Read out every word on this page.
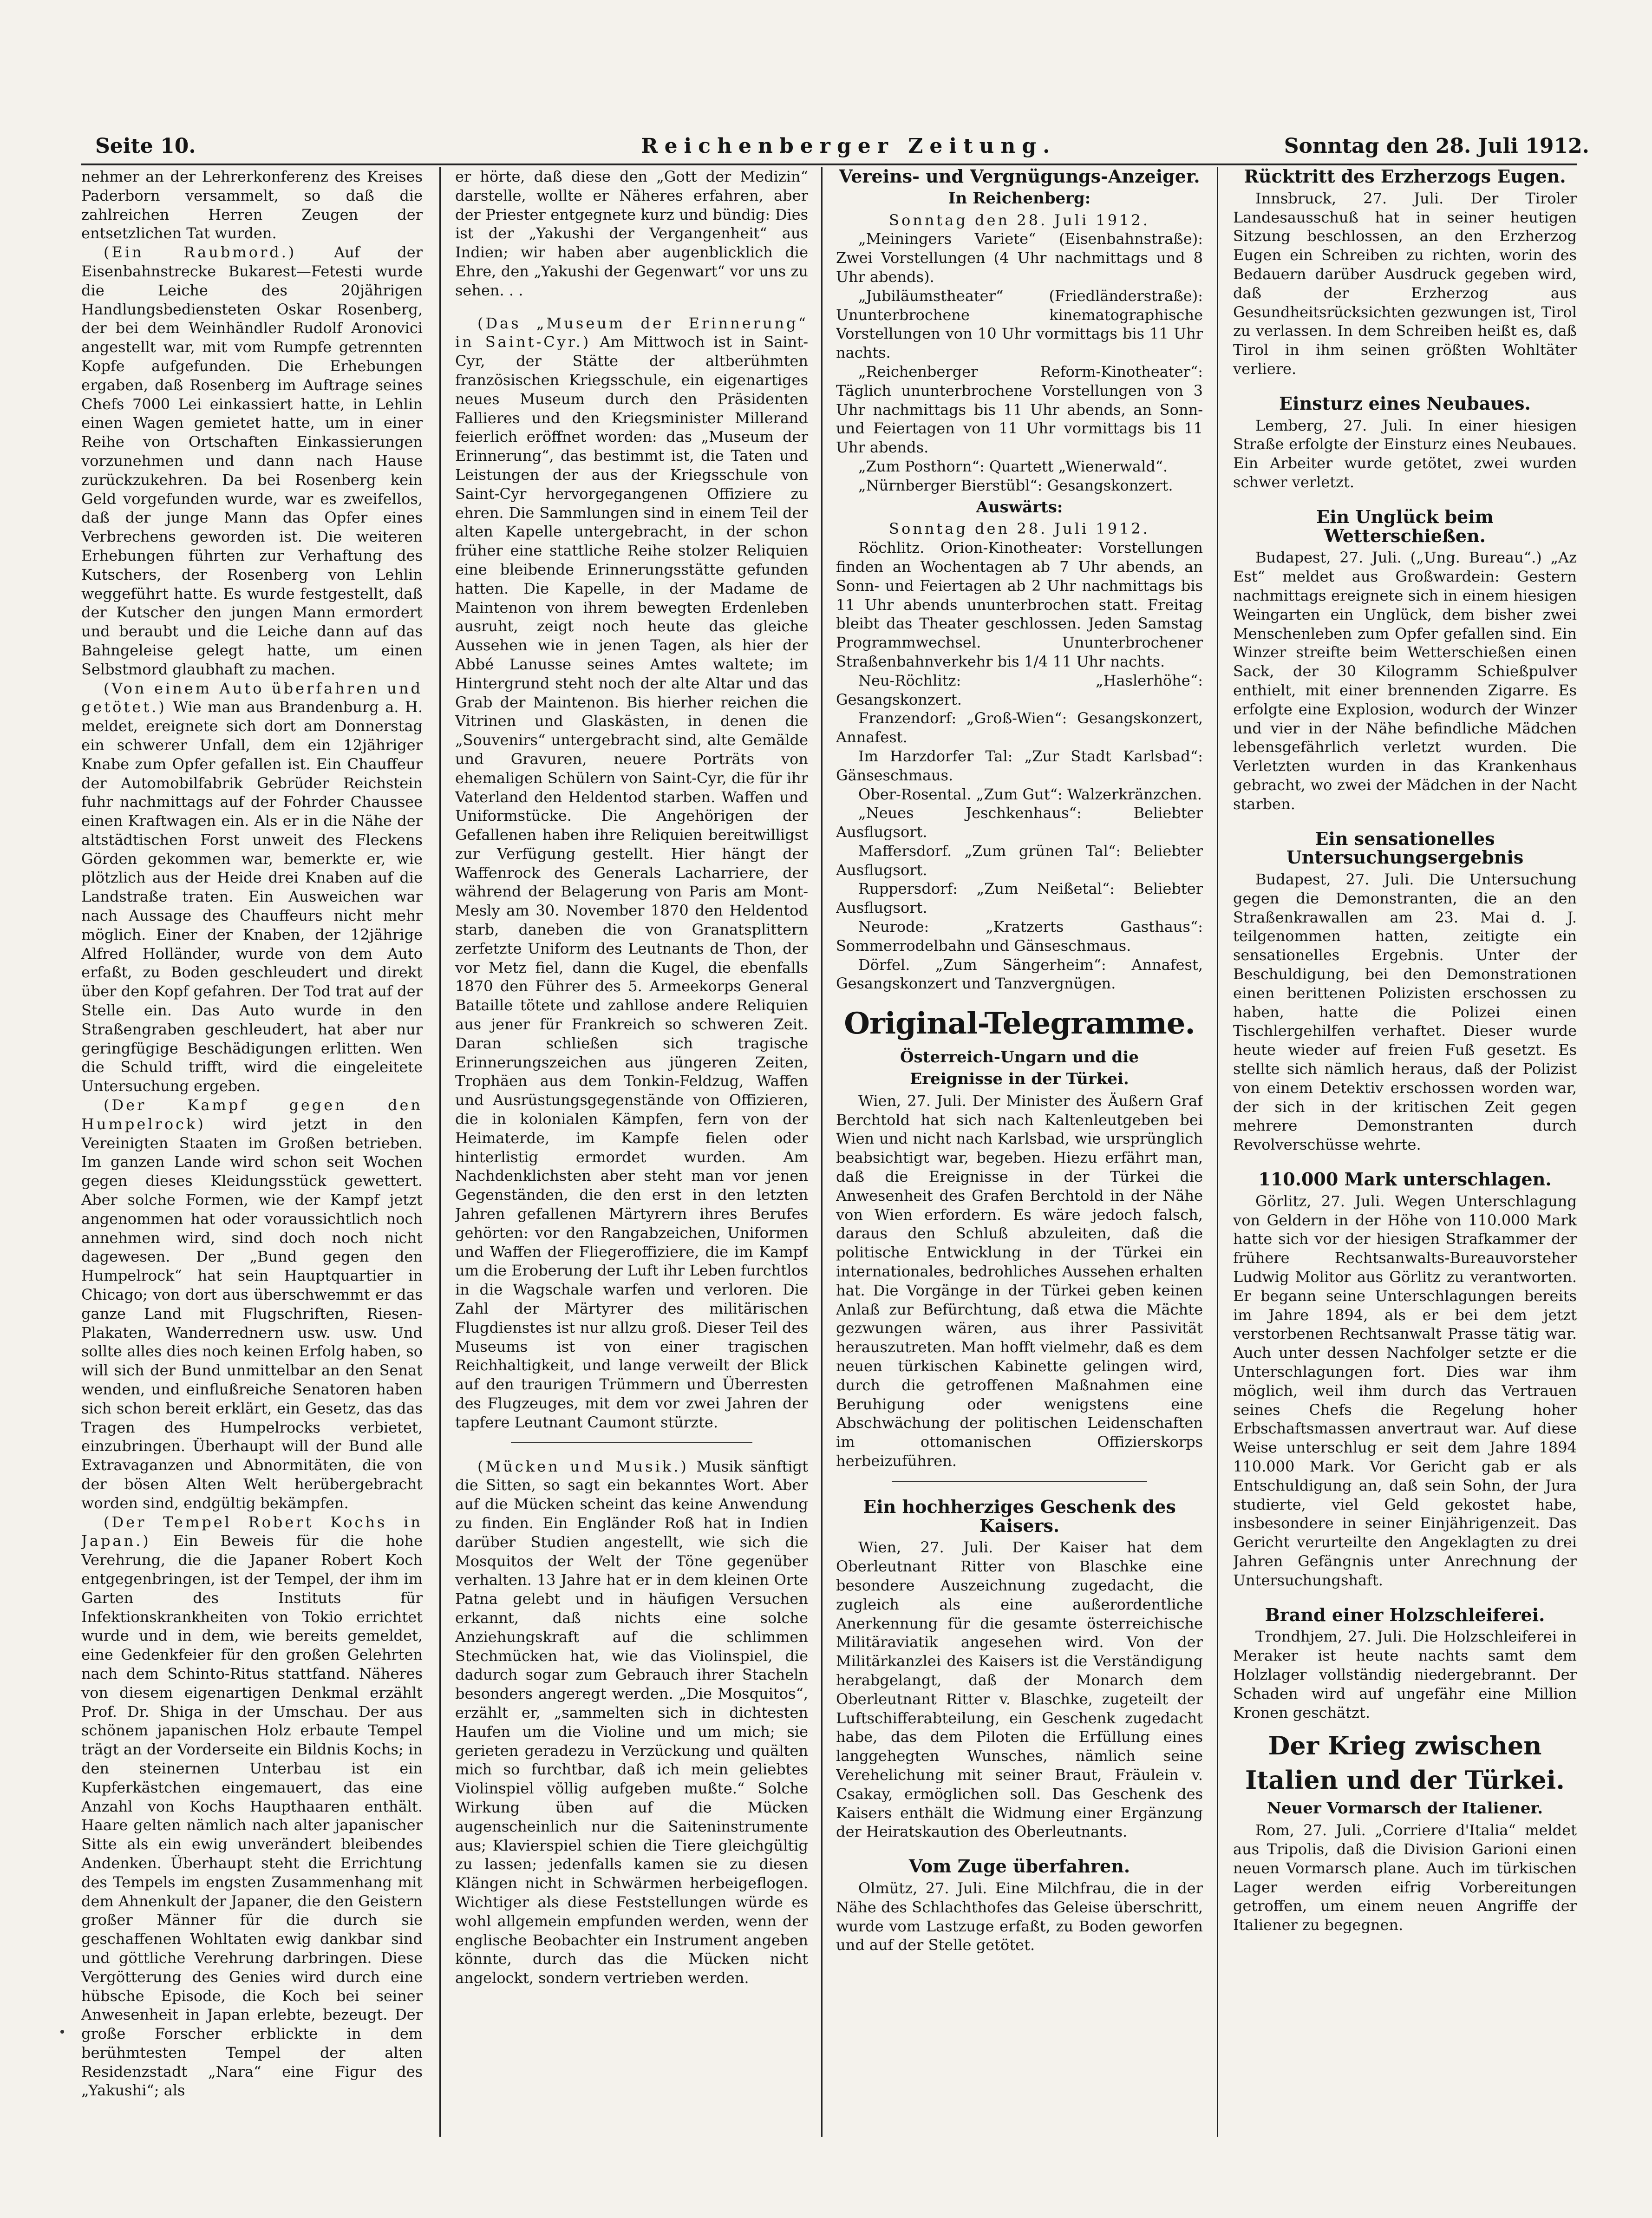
Seite 10.	Reichenberger Zeitung.	Sonntag den 28. Juli 1912.

nehmer an der Lehrerkonferenz des Kreises Paderborn versammelt, so daß die zahlreichen Herren Zeugen der entsetzlichen Tat wurden.

(Ein Raubmord.)	Auf der Eisenbahnstrecke Bukarest—Fetesti wurde die Leiche des 20jährigen Handlungsbediensteten Oskar Rosenberg, der bei dem Weinhändler Rudolf Aronovici angestellt war, mit vom Rumpfe getrennten Kopfe aufgefunden. Die Erhebungen ergaben, daß Rosenberg im Auftrage seines Chefs 7000 Lei einkassiert hatte, in Lehlin einen Wagen gemietet hatte, um in einer Reihe von Ortschaften Einkassierungen vorzunehmen und dann nach Hause zurückzukehren. Da bei Rosenberg kein Geld vorgefunden wurde, war es zweifellos, daß der junge Mann das Opfer eines Verbrechens geworden ist. Die weiteren Erhebungen führten zur Verhaftung des Kutschers, der Rosenberg von Lehlin weggeführt hatte. Es wurde festgestellt, daß der Kutscher den jungen Mann ermordert und beraubt und die Leiche dann auf das Bahngeleise gelegt hatte, um einen Selbstmord glaubhaft zu machen.

(Von einem Auto überfahren und getötet.) Wie man aus Brandenburg a. H. meldet, ereignete sich dort am Donnerstag ein schwerer Unfall, dem ein 12jähriger Knabe zum Opfer gefallen ist. Ein Chauffeur der Automobilfabrik Gebrüder Reichstein fuhr nachmittags auf der Fohrder Chaussee einen Kraftwagen ein. Als er in die Nähe der altstädtischen Forst unweit des Fleckens Görden gekommen war, bemerkte er, wie plötzlich aus der Heide drei Knaben auf die Landstraße traten. Ein Ausweichen war nach Aussage des Chauffeurs nicht mehr möglich. Einer der Knaben, der 12jährige Alfred Holländer, wurde von dem Auto erfaßt, zu Boden geschleudert und direkt über den Kopf gefahren. Der Tod trat auf der Stelle ein. Das Auto wurde in den Straßengraben geschleudert, hat aber nur geringfügige Beschädigungen erlitten. Wen die Schuld trifft, wird die eingeleitete Untersuchung ergeben.

(Der Kampf gegen den Humpelrock) wird jetzt in den Vereinigten Staaten im Großen betrieben. Im ganzen Lande wird schon seit Wochen gegen dieses Kleidungsstück gewettert. Aber solche Formen, wie der Kampf jetzt angenommen hat oder voraussichtlich noch annehmen wird, sind doch noch nicht dagewesen. Der „Bund gegen den Humpelrock“ hat sein Hauptquartier in Chicago; von dort aus überschwemmt er das ganze Land mit Flugschriften, Riesen-Plakaten, Wanderrednern usw. usw. Und sollte alles dies noch keinen Erfolg haben, so will sich der Bund unmittelbar an den Senat wenden, und einflußreiche Senatoren haben sich schon bereit erklärt, ein Gesetz, das das Tragen des Humpelrocks verbietet, einzubringen. Überhaupt will der Bund alle Extravaganzen und Abnormitäten, die von der bösen Alten Welt herübergebracht worden sind, endgültig bekämpfen.

(Der Tempel Robert Kochs in Japan.) Ein Beweis für die hohe Verehrung, die die Japaner Robert Koch entgegenbringen, ist der Tempel, der ihm im Garten des Instituts für Infektionskrankheiten von Tokio errichtet wurde und in dem, wie bereits gemeldet, eine Gedenkfeier für den großen Gelehrten nach dem Schinto-Ritus stattfand. Näheres von diesem eigenartigen Denkmal erzählt Prof. Dr. Shiga in der Umschau. Der aus schönem japanischen Holz erbaute Tempel trägt an der Vorderseite ein Bildnis Kochs; in den steinernen Unterbau ist ein Kupferkästchen eingemauert, das eine Anzahl von Kochs Haupthaaren enthält. Haare gelten nämlich nach alter japanischer Sitte als ein ewig unverändert bleibendes Andenken. Überhaupt steht die Errichtung des Tempels im engsten Zusammenhang mit dem Ahnenkult der Japaner, die den Geistern großer Männer für die durch sie geschaffenen Wohltaten ewig dankbar sind und göttliche Verehrung darbringen. Diese Vergötterung des Genies wird durch eine hübsche Episode, die Koch bei seiner Anwesenheit in Japan erlebte, bezeugt. Der große Forscher erblickte in dem berühmtesten Tempel der alten Residenzstadt „Nara“ eine Figur des „Yakushi“; als

er hörte, daß diese den „Gott der Medizin“ darstelle, wollte er Näheres erfahren, aber der Priester entgegnete kurz und bündig: Dies ist der „Yakushi der Vergangenheit“ aus Indien; wir haben aber augenblicklich die Ehre, den „Yakushi der Gegenwart“ vor uns zu sehen. . .

(Das „Museum der Erinnerung“ in Saint-Cyr.) Am Mittwoch ist in Saint-Cyr, der Stätte der altberühmten französischen Kriegsschule, ein eigenartiges neues Museum durch den Präsidenten Fallieres und den Kriegsminister Millerand feierlich eröffnet worden: das „Museum der Erinnerung“, das bestimmt ist, die Taten und Leistungen der aus der Kriegsschule von Saint-Cyr hervorgegangenen Offiziere zu ehren. Die Sammlungen sind in einem Teil der alten Kapelle untergebracht, in der schon früher eine stattliche Reihe stolzer Reliquien eine bleibende Erinnerungsstätte gefunden hatten. Die Kapelle, in der Madame de Maintenon von ihrem bewegten Erdenleben ausruht, zeigt noch heute das gleiche Aussehen wie in jenen Tagen, als hier der Abbé Lanusse seines Amtes waltete; im Hintergrund steht noch der alte Altar und das Grab der Maintenon. Bis hierher reichen die Vitrinen und Glaskästen, in denen die „Souvenirs“ untergebracht sind, alte Gemälde und Gravuren, neuere Porträts von ehemaligen Schülern von Saint-Cyr, die für ihr Vaterland den Heldentod starben. Waffen und Uniformstücke. Die Angehörigen der Gefallenen haben ihre Reliquien bereitwilligst zur Verfügung gestellt. Hier hängt der Waffenrock des Generals Lacharriere, der während der Belagerung von Paris am Mont-Mesly am 30. November 1870 den Heldentod starb, daneben die von Granatsplittern zerfetzte Uniform des Leutnants de Thon, der vor Metz fiel, dann die Kugel, die ebenfalls 1870 den Führer des 5. Armeekorps General Bataille tötete und zahllose andere Reliquien aus jener für Frankreich so schweren Zeit. Daran schließen sich tragische Erinnerungszeichen aus jüngeren Zeiten, Trophäen aus dem Tonkin-Feldzug, Waffen und Ausrüstungsgegenstände von Offizieren, die in kolonialen Kämpfen, fern von der Heimaterde, im Kampfe fielen oder hinterlistig ermordet wurden. Am Nachdenklichsten aber steht man vor jenen Gegenständen, die den erst in den letzten Jahren gefallenen Märtyrern ihres Berufes gehörten: vor den Rangabzeichen, Uniformen und Waffen der Fliegeroffiziere, die im Kampf um die Eroberung der Luft ihr Leben furchtlos in die Wagschale warfen und verloren. Die Zahl der Märtyrer des militärischen Flugdienstes ist nur allzu groß. Dieser Teil des Museums ist von einer tragischen Reichhaltigkeit, und lange verweilt der Blick auf den traurigen Trümmern und Überresten des Flugzeuges, mit dem vor zwei Jahren der tapfere Leutnant Caumont stürzte.

(Mücken und Musik.) Musik sänftigt die Sitten, so sagt ein bekanntes Wort. Aber auf die Mücken scheint das keine Anwendung zu finden. Ein Engländer Roß hat in Indien darüber Studien angestellt, wie sich die Mosquitos der Welt der Töne gegenüber verhalten. 13 Jahre hat er in dem kleinen Orte Patna gelebt und in häufigen Versuchen erkannt, daß nichts eine solche Anziehungskraft auf die schlimmen Stechmücken hat, wie das Violinspiel, die dadurch sogar zum Gebrauch ihrer Stacheln besonders angeregt werden. „Die Mosquitos“, erzählt er, „sammelten sich in dichtesten Haufen um die Violine und um mich; sie gerieten geradezu in Verzückung und quälten mich so furchtbar, daß ich mein geliebtes Violinspiel völlig aufgeben mußte.“ Solche Wirkung üben auf die Mücken augenscheinlich nur die Saiteninstrumente aus; Klavierspiel schien die Tiere gleichgültig zu lassen; jedenfalls kamen sie zu diesen Klängen nicht in Schwärmen herbeigeflogen. Wichtiger als diese Feststellungen würde es wohl allgemein empfunden werden, wenn der englische Beobachter ein Instrument angeben könnte, durch das die Mücken nicht angelockt, sondern vertrieben werden.

Vereins- und Vergnügungs-Anzeiger.

In Reichenberg:

Sonntag den 28. Juli 1912.

„Meiningers Variete“ (Eisenbahnstraße): Zwei Vorstellungen (4 Uhr nachmittags und 8 Uhr abends).

„Jubiläumstheater“ (Friedländerstraße): Ununterbrochene kinematographische Vorstellungen von 10 Uhr vormittags bis 11 Uhr nachts.

„Reichenberger Reform-Kinotheater“: Täglich ununterbrochene Vorstellungen von 3 Uhr nachmittags bis 11 Uhr abends, an Sonn- und Feiertagen von 11 Uhr vormittags bis 11 Uhr abends.

„Zum Posthorn“: Quartett „Wienerwald“.

„Nürnberger Bierstübl“: Gesangskonzert.

Auswärts:

Sonntag den 28. Juli 1912.

Röchlitz. Orion-Kinotheater: Vorstellungen finden an Wochentagen ab 7 Uhr abends, an Sonn- und Feiertagen ab 2 Uhr nachmittags bis 11 Uhr abends ununterbrochen statt. Freitag bleibt das Theater geschlossen. Jeden Samstag Programmwechsel. Ununterbrochener Straßenbahnverkehr bis 1/4 11 Uhr nachts.

Neu-Röchlitz: „Haslerhöhe“: Gesangskonzert.

Franzendorf: „Groß-Wien“: Gesangskonzert, Annafest.

Im Harzdorfer Tal: „Zur Stadt Karlsbad“: Gänseschmaus.

Ober-Rosental. „Zum Gut“: Walzerkränzchen.

„Neues Jeschkenhaus“: Beliebter Ausflugsort.

Maffersdorf. „Zum grünen Tal“: Beliebter Ausflugsort.

Ruppersdorf: „Zum Neißetal“: Beliebter Ausflugsort.

Neurode: „Kratzerts Gasthaus“: Sommerrodelbahn und Gänseschmaus.

Dörfel. „Zum Sängerheim“: Annafest, Gesangskonzert und Tanzvergnügen.

Original-Telegramme.

Österreich-Ungarn und die

Ereignisse in der Türkei.

Wien, 27. Juli. Der Minister des Äußern Graf Berchtold hat sich nach Kaltenleutgeben bei Wien und nicht nach Karlsbad, wie ursprünglich beabsichtigt war, begeben. Hiezu erfährt man, daß die Ereignisse in der Türkei die Anwesenheit des Grafen Berchtold in der Nähe von Wien erfordern. Es wäre jedoch falsch, daraus den Schluß abzuleiten, daß die politische Entwicklung in der Türkei ein internationales, bedrohliches Aussehen erhalten hat. Die Vorgänge in der Türkei geben keinen Anlaß zur Befürchtung, daß etwa die Mächte gezwungen wären, aus ihrer Passivität herauszutreten. Man hofft vielmehr, daß es dem neuen türkischen Kabinette gelingen wird, durch die getroffenen Maßnahmen eine Beruhigung oder wenigstens eine Abschwächung der politischen Leidenschaften im ottomanischen Offizierskorps herbeizuführen.

Ein hochherziges Geschenk des Kaisers.

Wien, 27. Juli. Der Kaiser hat dem Oberleutnant Ritter von Blaschke eine besondere Auszeichnung zugedacht, die zugleich als eine außerordentliche Anerkennung für die gesamte österreichische Militäraviatik angesehen wird. Von der Militärkanzlei des Kaisers ist die Verständigung herabgelangt, daß der Monarch dem Oberleutnant Ritter v. Blaschke, zugeteilt der Luftschifferabteilung, ein Geschenk zugedacht habe, das dem Piloten die Erfüllung eines langgehegten Wunsches, nämlich seine Verehelichung mit seiner Braut, Fräulein v. Csakay, ermöglichen soll. Das Geschenk des Kaisers enthält die Widmung einer Ergänzung der Heiratskaution des Oberleutnants.

Vom Zuge überfahren.

Olmütz, 27. Juli. Eine Milchfrau, die in der Nähe des Schlachthofes das Geleise überschritt, wurde vom Lastzuge erfaßt, zu Boden geworfen und auf der Stelle getötet.

Rücktritt des Erzherzogs Eugen.

Innsbruck, 27. Juli. Der Tiroler Landesausschuß hat in seiner heutigen Sitzung beschlossen, an den Erzherzog Eugen ein Schreiben zu richten, worin des Bedauern darüber Ausdruck gegeben wird, daß der Erzherzog aus Gesundheitsrücksichten gezwungen ist, Tirol zu verlassen. In dem Schreiben heißt es, daß Tirol in ihm seinen größten Wohltäter verliere.

Einsturz eines Neubaues.

Lemberg, 27. Juli. In einer hiesigen Straße erfolgte der Einsturz eines Neubaues. Ein Arbeiter wurde getötet, zwei wurden schwer verletzt.

Ein Unglück beim Wetterschießen.

Budapest, 27. Juli. („Ung. Bureau“.) „Az Est“ meldet aus Großwardein: Gestern nachmittags ereignete sich in einem hiesigen Weingarten ein Unglück, dem bisher zwei Menschenleben zum Opfer gefallen sind. Ein Winzer streifte beim Wetterschießen einen Sack, der 30 Kilogramm Schießpulver enthielt, mit einer brennenden Zigarre. Es erfolgte eine Explosion, wodurch der Winzer und vier in der Nähe befindliche Mädchen lebensgefährlich verletzt wurden. Die Verletzten wurden in das Krankenhaus gebracht, wo zwei der Mädchen in der Nacht starben.

Ein sensationelles Untersuchungsergebnis

Budapest, 27. Juli. Die Untersuchung gegen die Demonstranten, die an den Straßenkrawallen am 23. Mai d. J. teilgenommen hatten, zeitigte ein sensationelles Ergebnis. Unter der Beschuldigung, bei den Demonstrationen einen berittenen Polizisten erschossen zu haben, hatte die Polizei einen Tischlergehilfen verhaftet. Dieser wurde heute wieder auf freien Fuß gesetzt. Es stellte sich nämlich heraus, daß der Polizist von einem Detektiv erschossen worden war, der sich in der kritischen Zeit gegen mehrere Demonstranten durch Revolverschüsse wehrte.

110.000 Mark unterschlagen.

Görlitz, 27. Juli. Wegen Unterschlagung von Geldern in der Höhe von 110.000 Mark hatte sich vor der hiesigen Strafkammer der frühere Rechtsanwalts-Bureauvorsteher Ludwig Molitor aus Görlitz zu verantworten. Er begann seine Unterschlagungen bereits im Jahre 1894, als er bei dem jetzt verstorbenen Rechtsanwalt Prasse tätig war. Auch unter dessen Nachfolger setzte er die Unterschlagungen fort. Dies war ihm möglich, weil ihm durch das Vertrauen seines Chefs die Regelung hoher Erbschaftsmassen anvertraut war. Auf diese Weise unterschlug er seit dem Jahre 1894 110.000 Mark. Vor Gericht gab er als Entschuldigung an, daß sein Sohn, der Jura studierte, viel Geld gekostet habe, insbesondere in seiner Einjährigenzeit. Das Gericht verurteilte den Angeklagten zu drei Jahren Gefängnis unter Anrechnung der Untersuchungshaft.

Brand einer Holzschleiferei.

Trondhjem, 27. Juli. Die Holzschleiferei in Meraker ist heute nachts samt dem Holzlager vollständig niedergebrannt. Der Schaden wird auf ungefähr eine Million Kronen geschätzt.

Der Krieg zwischen

Italien und der Türkei.

Neuer Vormarsch der Italiener.

Rom, 27. Juli. „Corriere d'Italia“ meldet aus Tripolis, daß die Division Garioni einen neuen Vormarsch plane. Auch im türkischen Lager werden eifrig Vorbereitungen getroffen, um einem neuen Angriffe der Italiener zu begegnen.
